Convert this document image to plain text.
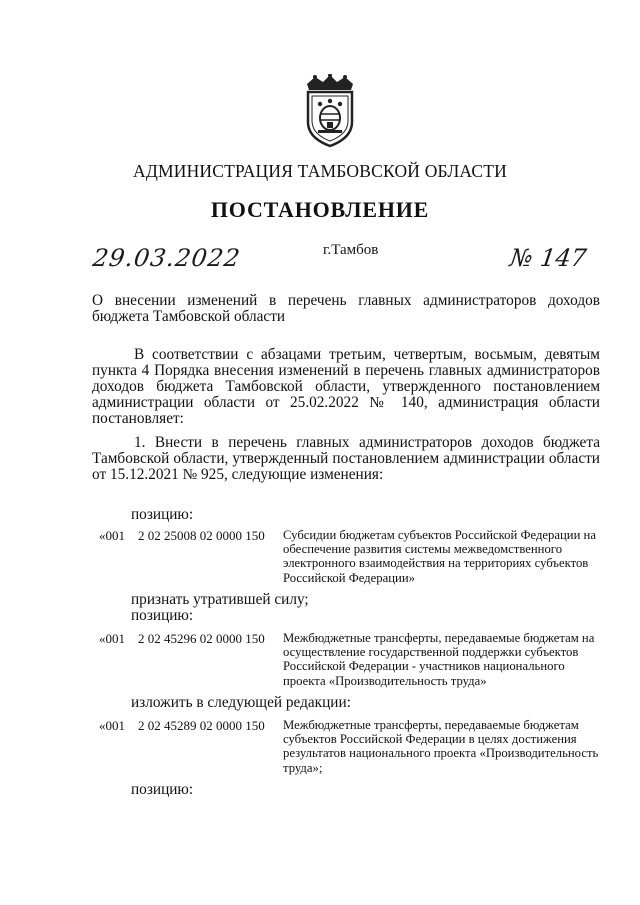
АДМИНИСТРАЦИЯ ТАМБОВСКОЙ ОБЛАСТИ
ПОСТАНОВЛЕНИЕ
29.03.2022	г.Тамбов	№ 147
О внесении изменений в перечень главных администраторов доходов бюджета Тамбовской области
В соответствии с абзацами третьим, четвертым, восьмым, девятым пункта 4 Порядка внесения изменений в перечень главных администраторов доходов бюджета Тамбовской области, утвержденного постановлением администрации области от 25.02.2022 № 140, администрация области постановляет:
1. Внести в перечень главных администраторов доходов бюджета Тамбовской области, утвержденный постановлением администрации области от 15.12.2021 № 925, следующие изменения:
позицию:
«001 2 02 25008 02 0000 150 Субсидии бюджетам субъектов Российской Федерации на обеспечение развития системы межведомственного электронного взаимодействия на территориях субъектов Российской Федерации»
признать утратившей силу;
позицию:
«001 2 02 45296 02 0000 150 Межбюджетные трансферты, передаваемые бюджетам на осуществление государственной поддержки субъектов Российской Федерации - участников национального проекта «Производительность труда»
изложить в следующей редакции:
«001 2 02 45289 02 0000 150 Межбюджетные трансферты, передаваемые бюджетам субъектов Российской Федерации в целях достижения результатов национального проекта «Производительность труда»;
позицию:
